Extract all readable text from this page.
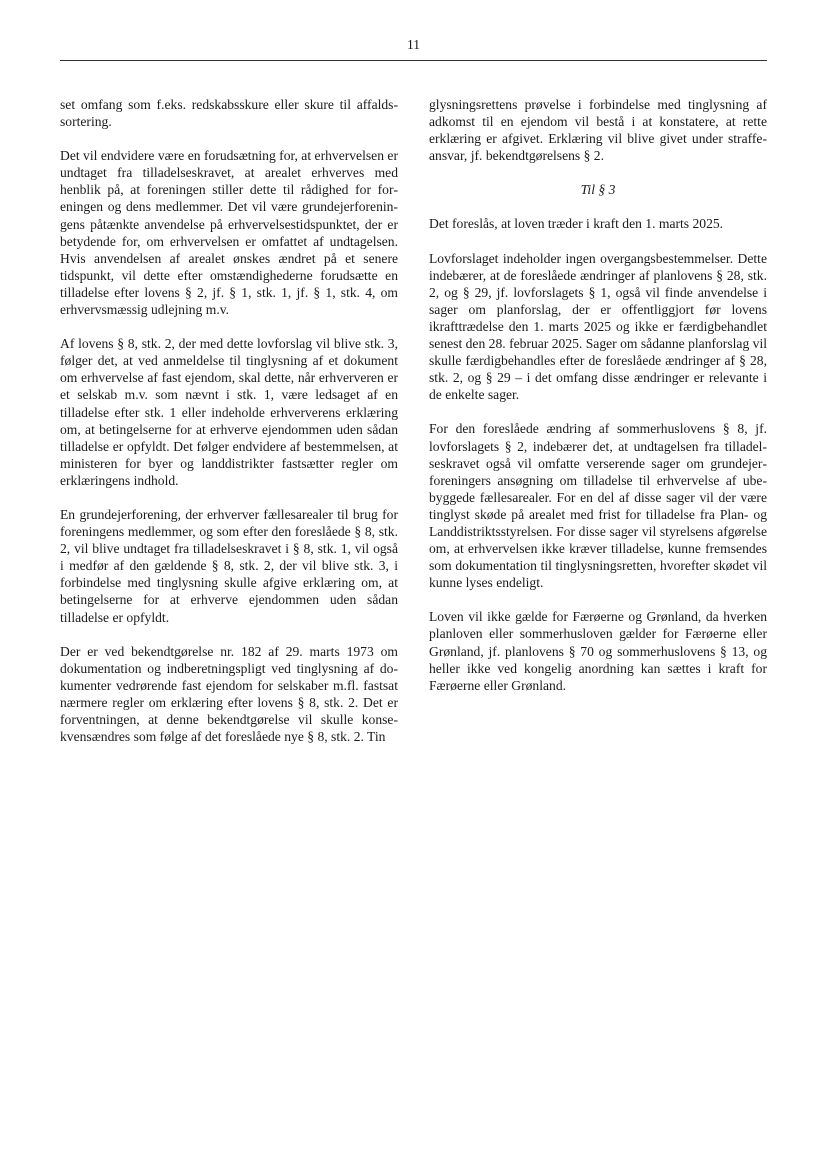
11

set omfang som f.eks. redskabsskure eller skure til affaldssortering.

Det vil endvidere være en forudsætning for, at erhvervelsen er undtaget fra tilladelseskravet, at arealet erhverves med henblik på, at foreningen stiller dette til rådighed for foreningen og dens medlemmer. Det vil være grundejerforeningens påtænkte anvendelse på erhvervelsestidspunktet, der er betydende for, om erhvervelsen er omfattet af undtagelsen. Hvis anvendelsen af arealet ønskes ændret på et senere tidspunkt, vil dette efter omstændighederne forudsætte en tilladelse efter lovens § 2, jf. § 1, stk. 1, jf. § 1, stk. 4, om erhvervsmæssig udlejning m.v.

Af lovens § 8, stk. 2, der med dette lovforslag vil blive stk. 3, følger det, at ved anmeldelse til tinglysning af et dokument om erhvervelse af fast ejendom, skal dette, når erhververen er et selskab m.v. som nævnt i stk. 1, være ledsaget af en tilladelse efter stk. 1 eller indeholde erhververens erklæring om, at betingelserne for at erhverve ejendommen uden sådan tilladelse er opfyldt. Det følger endvidere af bestemmelsen, at ministeren for byer og landdistrikter fastsætter regler om erklæringens indhold.

En grundejerforening, der erhverver fællesarealer til brug for foreningens medlemmer, og som efter den foreslåede § 8, stk. 2, vil blive undtaget fra tilladelseskravet i § 8, stk. 1, vil også i medfør af den gældende § 8, stk. 2, der vil blive stk. 3, i forbindelse med tinglysning skulle afgive erklæring om, at betingelserne for at erhverve ejendommen uden sådan tilladelse er opfyldt.

Der er ved bekendtgørelse nr. 182 af 29. marts 1973 om dokumentation og indberetningspligt ved tinglysning af dokumenter vedrørende fast ejendom for selskaber m.fl. fastsat nærmere regler om erklæring efter lovens § 8, stk. 2. Det er forventningen, at denne bekendtgørelse vil skulle konsekvensændres som følge af det foreslåede nye § 8, stk. 2. Tin

glysningsrettens prøvelse i forbindelse med tinglysning af adkomst til en ejendom vil bestå i at konstatere, at rette erklæring er afgivet. Erklæring vil blive givet under straffeansvar, jf. bekendtgørelsens § 2.

Til § 3

Det foreslås, at loven træder i kraft den 1. marts 2025.

Lovforslaget indeholder ingen overgangsbestemmelser. Dette indebærer, at de foreslåede ændringer af planlovens § 28, stk. 2, og § 29, jf. lovforslagets § 1, også vil finde anvendelse i sager om planforslag, der er offentliggjort før lovens ikrafttrædelse den 1. marts 2025 og ikke er færdigbehandlet senest den 28. februar 2025. Sager om sådanne planforslag vil skulle færdigbehandles efter de foreslåede ændringer af § 28, stk. 2, og § 29 – i det omfang disse ændringer er relevante i de enkelte sager.

For den foreslåede ændring af sommerhuslovens § 8, jf. lovforslagets § 2, indebærer det, at undtagelsen fra tilladelseskravet også vil omfatte verserende sager om grundejerforeningers ansøgning om tilladelse til erhvervelse af ubebyggede fællesarealer. For en del af disse sager vil der være tinglyst skøde på arealet med frist for tilladelse fra Plan- og Landdistriktsstyrelsen. For disse sager vil styrelsens afgørelse om, at erhvervelsen ikke kræver tilladelse, kunne fremsendes som dokumentation til tinglysningsretten, hvorefter skødet vil kunne lyses endeligt.

Loven vil ikke gælde for Færøerne og Grønland, da hverken planloven eller sommerhusloven gælder for Færøerne eller Grønland, jf. planlovens § 70 og sommerhuslovens § 13, og heller ikke ved kongelig anordning kan sættes i kraft for Færøerne eller Grønland.
